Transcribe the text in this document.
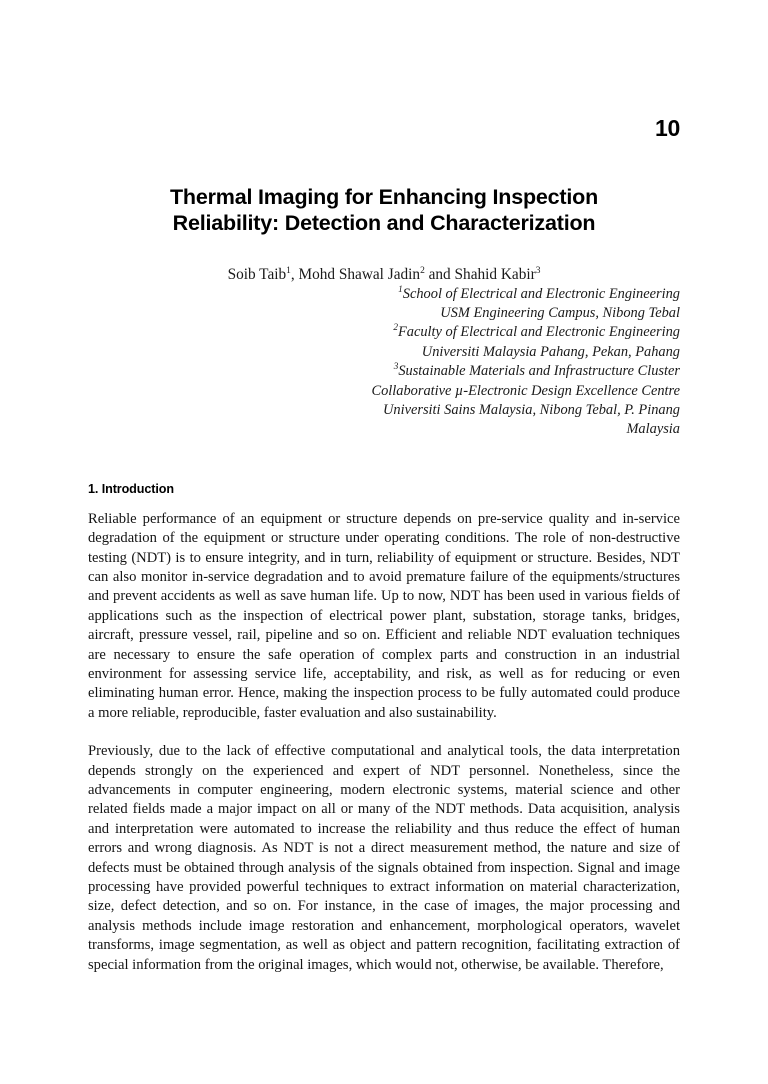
10
Thermal Imaging for Enhancing Inspection
Reliability: Detection and Characterization
Soib Taib$^1$, Mohd Shawal Jadin$^2$ and Shahid Kabir$^3$
$^1$School of Electrical and Electronic Engineering
USM Engineering Campus, Nibong Tebal
$^2$Faculty of Electrical and Electronic Engineering
Universiti Malaysia Pahang, Pekan, Pahang
$^3$Sustainable Materials and Infrastructure Cluster
Collaborative µ-Electronic Design Excellence Centre
Universiti Sains Malaysia, Nibong Tebal, P. Pinang
Malaysia
1. Introduction

Reliable performance of an equipment or structure depends on pre-service quality and in-service degradation of the equipment or structure under operating conditions. The role of non-destructive testing (NDT) is to ensure integrity, and in turn, reliability of equipment or structure. Besides, NDT can also monitor in-service degradation and to avoid premature failure of the equipments/structures and prevent accidents as well as save human life. Up to now, NDT has been used in various fields of applications such as the inspection of electrical power plant, substation, storage tanks, bridges, aircraft, pressure vessel, rail, pipeline and so on. Efficient and reliable NDT evaluation techniques are necessary to ensure the safe operation of complex parts and construction in an industrial environment for assessing service life, acceptability, and risk, as well as for reducing or even eliminating human error. Hence, making the inspection process to be fully automated could produce a more reliable, reproducible, faster evaluation and also sustainability.

Previously, due to the lack of effective computational and analytical tools, the data interpretation depends strongly on the experienced and expert of NDT personnel. Nonetheless, since the advancements in computer engineering, modern electronic systems, material science and other related fields made a major impact on all or many of the NDT methods. Data acquisition, analysis and interpretation were automated to increase the reliability and thus reduce the effect of human errors and wrong diagnosis. As NDT is not a direct measurement method, the nature and size of defects must be obtained through analysis of the signals obtained from inspection. Signal and image processing have provided powerful techniques to extract information on material characterization, size, defect detection, and so on. For instance, in the case of images, the major processing and analysis methods include image restoration and enhancement, morphological operators, wavelet transforms, image segmentation, as well as object and pattern recognition, facilitating extraction of special information from the original images, which would not, otherwise, be available. Therefore,
